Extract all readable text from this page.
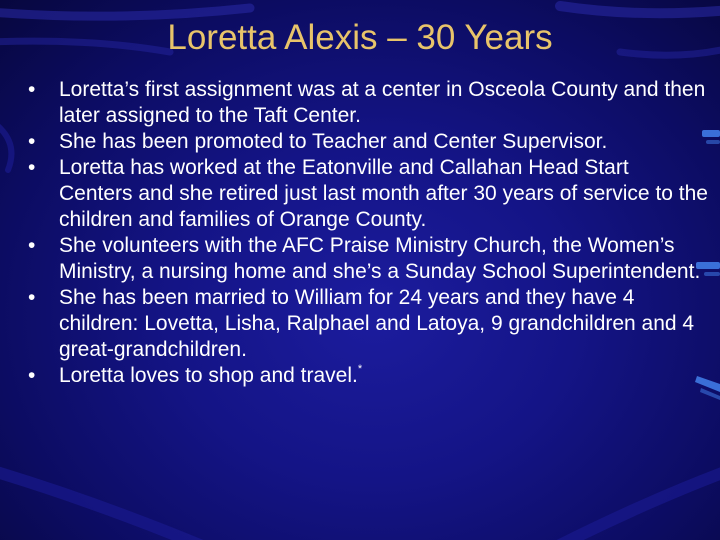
Loretta Alexis – 30 Years
•	Loretta’s first assignment was at a center in Osceola County and then later assigned to the Taft Center.
•	She has been promoted to Teacher and Center Supervisor.
•	Loretta has worked at the Eatonville and Callahan Head Start Centers and she retired just last month after 30 years of service to the children and families of Orange County.
•	She volunteers with the AFC Praise Ministry Church, the Women’s Ministry, a nursing home and she’s a Sunday School Superintendent.
•	She has been married to William for 24 years and they have 4 children: Lovetta, Lisha, Ralphael and Latoya, 9 grandchildren and 4 great-grandchildren.
•	Loretta loves to shop and travel.*
